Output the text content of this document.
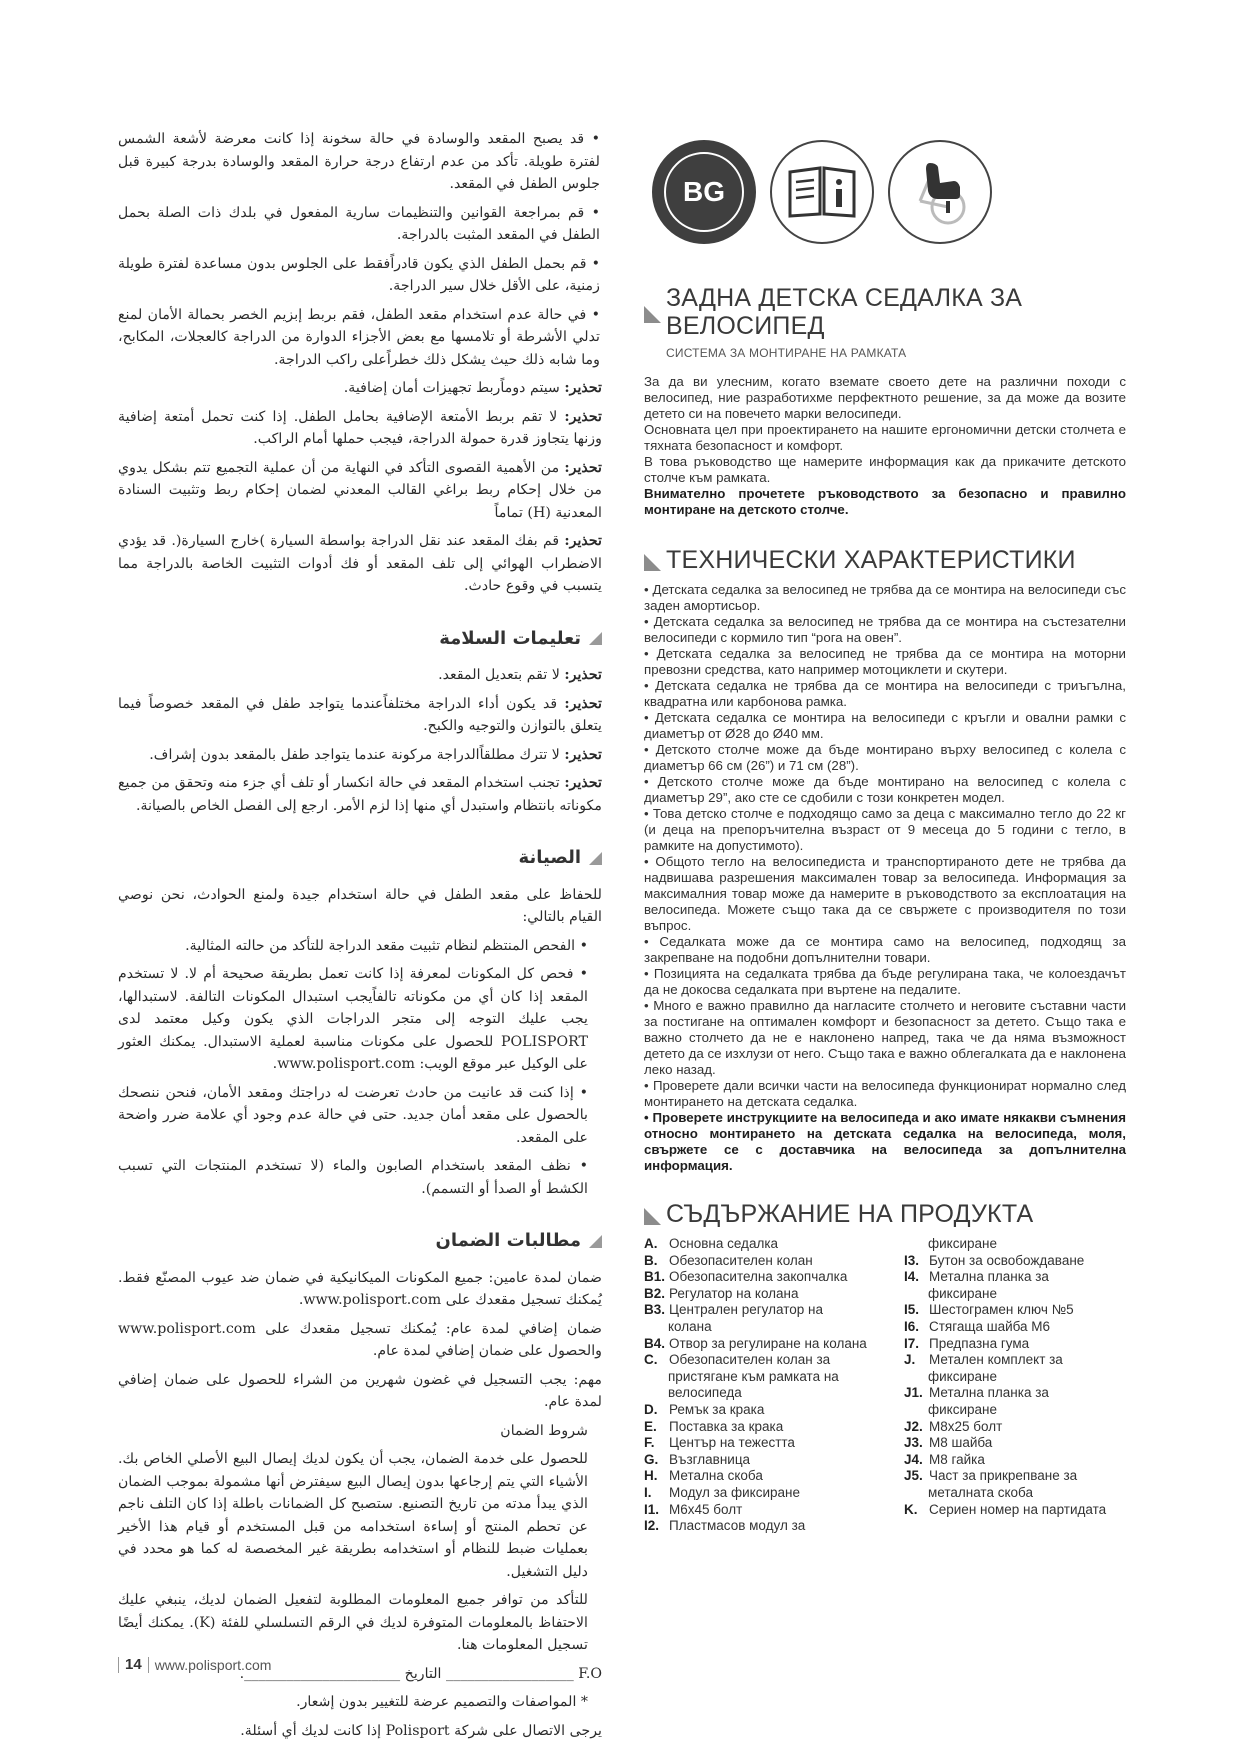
• قد يصبح المقعد والوسادة في حالة سخونة إذا كانت معرضة لأشعة الشمس لفترة طويلة. تأكد من عدم ارتفاع درجة حرارة المقعد والوسادة بدرجة كبيرة قبل جلوس الطفل في المقعد.

• قم بمراجعة القوانين والتنظيمات سارية المفعول في بلدك ذات الصلة بحمل الطفل في المقعد المثبت بالدراجة.

• قم بحمل الطفل الذي يكون قادراًفقط على الجلوس بدون مساعدة لفترة طويلة زمنية، على الأقل خلال سير الدراجة.

• في حالة عدم استخدام مقعد الطفل، فقم بربط إبزيم الخصر بحمالة الأمان لمنع تدلي الأشرطة أو تلامسها مع بعض الأجزاء الدوارة من الدراجة كالعجلات، المكابح، وما شابه ذلك حيث يشكل ذلك خطراًعلى راكب الدراجة.

تحذير: سيتم دوماًربط تجهيزات أمان إضافية.

تحذير: لا تقم بربط الأمتعة الإضافية بحامل الطفل. إذا كنت تحمل أمتعة إضافية وزنها يتجاوز قدرة حمولة الدراجة، فيجب حملها أمام الراكب.

تحذير: من الأهمية القصوى التأكد في النهاية من أن عملية التجميع تتم بشكل يدوي من خلال إحكام ربط براغي القالب المعدني لضمان إحكام ربط وتثبيت السنادة المعدنية (H) تماماً

تحذير: قم بفك المقعد عند نقل الدراجة بواسطة السيارة )خارج السيارة(. قد يؤدي الاضطراب الهوائي إلى تلف المقعد أو فك أدوات التثبيت الخاصة بالدراجة مما يتسبب في وقوع حادث.

تعليمات السلامة

تحذير: لا تقم بتعديل المقعد.

تحذير: قد يكون أداء الدراجة مختلفاًعندما يتواجد طفل في المقعد خصوصاً فيما يتعلق بالتوازن والتوجيه والكبح.

تحذير: لا تترك مطلقاًالدراجة مركونة عندما يتواجد طفل بالمقعد بدون إشراف.

تحذير: تجنب استخدام المقعد في حالة انكسار أو تلف أي جزء منه وتحقق من جميع مكوناته بانتظام واستبدل أي منها إذا لزم الأمر. ارجع إلى الفصل الخاص بالصيانة.

الصيانة

للحفاظ على مقعد الطفل في حالة استخدام جيدة ولمنع الحوادث، نحن نوصي القيام بالتالي:

• الفحص المنتظم لنظام تثبيت مقعد الدراجة للتأكد من حالته المثالية.

• فحص كل المكونات لمعرفة إذا كانت تعمل بطريقة صحيحة أم لا. لا تستخدم المقعد إذا كان أي من مكوناته تالفاًيجب استبدال المكونات التالفة. لاستبدالها، يجب عليك التوجه إلى متجر الدراجات الذي يكون وكيل معتمد لدى POLISPORT للحصول على مكونات مناسبة لعملية الاستبدال. يمكنك العثور على الوكيل عبر موقع الويب: www.polisport.com.

• إذا كنت قد عانيت من حادث تعرضت له دراجتك ومقعد الأمان، فنحن ننصحك بالحصول على مقعد أمان جديد. حتى في حالة عدم وجود أي علامة ضرر واضحة على المقعد.

• نظف المقعد باستخدام الصابون والماء (لا تستخدم المنتجات التي تسبب الكشط أو الصدأ أو التسمم).

مطالبات الضمان

ضمان لمدة عامين: جميع المكونات الميكانيكية في ضمان ضد عيوب المصنّع فقط. يُمكنك تسجيل مقعدك على www.polisport.com.

ضمان إضافي لمدة عام: يُمكنك تسجيل مقعدك على www.polisport.com والحصول على ضمان إضافي لمدة عام.

مهم: يجب التسجيل في غضون شهرين من الشراء للحصول على ضمان إضافي لمدة عام.

شروط الضمان

للحصول على خدمة الضمان، يجب أن يكون لديك إيصال البيع الأصلي الخاص بك. الأشياء التي يتم إرجاعها بدون إيصال البيع سيفترض أنها مشمولة بموجب الضمان الذي يبدأ مدته من تاريخ التصنيع. ستصبح كل الضمانات باطلة إذا كان التلف ناجم عن تحطم المنتج أو إساءة استخدامه من قبل المستخدم أو قيام هذا الأخير بعمليات ضبط للنظام أو استخدامه بطريقة غير المخصصة له كما هو محدد في دليل التشغيل.

للتأكد من توافر جميع المعلومات المطلوبة لتفعيل الضمان لديك، ينبغي عليك الاحتفاظ بالمعلومات المتوفرة لديك في الرقم التسلسلي للفئة (K). يمكنك أيضًا تسجيل المعلومات هنا.

F.O __________________ التاريخ ______________________.

* المواصفات والتصميم عرضة للتغيير بدون إشعار.

يرجى الاتصال على شركة Polisport إذا كانت لديك أي أسئلة.

BG
ЗАДНА ДЕТСКА СЕДАЛКА ЗА ВЕЛОСИПЕД
СИСТЕМА ЗА МОНТИРАНЕ НА РАМКАТА

За да ви улесним, когато вземате своето дете на различни походи с велосипед, ние разработихме перфектното решение, за да може да возите детето си на повечето марки велосипеди.

Основната цел при проектирането на нашите ергономични детски столчета е тяхната безопасност и комфорт.

В това ръководство ще намерите информация как да прикачите детското столче към рамката.

Внимателно прочетете ръководството за безопасно и правилно монтиране на детското столче.

ТЕХНИЧЕСКИ ХАРАКТЕРИСТИКИ

• Детската седалка за велосипед не трябва да се монтира на велосипеди със заден амортисьор.

• Детската седалка за велосипед не трябва да се монтира на състезателни велосипеди с кормило тип “рога на овен”.

• Детската седалка за велосипед не трябва да се монтира на моторни превозни средства, като например мотоциклети и скутери.

• Детската седалка не трябва да се монтира на велосипеди с триъгълна, квадратна или карбонова рамка.

• Детската седалка се монтира на велосипеди с кръгли и овални рамки с диаметър от Ø28 до Ø40 мм.

• Детското столче може да бъде монтирано върху велосипед с колела с диаметър 66 см (26”) и 71 см (28”).

• Детското столче може да бъде монтирано на велосипед с колела с диаметър 29”, ако сте се сдобили с този конкретен модел.

• Това детско столче е подходящо само за деца с максимално тегло до 22 кг (и деца на препоръчителна възраст от 9 месеца до 5 години с тегло, в рамките на допустимото).

• Общото тегло на велосипедиста и транспортираното дете не трябва да надвишава разрешения максимален товар за велосипеда. Информация за максималния товар може да намерите в ръководството за експлоатация на велосипеда. Можете също така да се свържете с производителя по този въпрос.

• Седалката може да се монтира само на велосипед, подходящ за закрепване на подобни допълнителни товари.

• Позицията на седалката трябва да бъде регулирана така, че колоездачът да не докосва седалката при въртене на педалите.

• Много е важно правилно да нагласите столчето и неговите съставни части за постигане на оптимален комфорт и безопасност за детето. Също така е важно столчето да не е наклонено напред, така че да няма възможност детето да се изхлузи от него. Също така е важно облегалката да е наклонена леко назад.

• Проверете дали всички части на велосипеда функционират нормално след монтирането на детската седалка.

• Проверете инструкциите на велосипеда и ако имате някакви съмнения относно монтирането на детската седалка на велосипеда, моля, свържете се с доставчика на велосипеда за допълнителна информация.

СЪДЪРЖАНИЕ НА ПРОДУКТА
A. Основна седалка
B. Обезопасителен колан
B1. Обезопасителна закопчалка
B2. Регулатор на колана
B3. Централен регулатор на
колана
B4. Отвор за регулиране на колана
C. Обезопасителен колан за
пристягане към рамката на
велосипеда
D. Ремък за крака
E. Поставка за крака
F.	Център на тежестта
G. Възглавница
H. Метална скоба
I.	Модул за фиксиране
I1. M6x45 болт
I2. Пластмасов модул за
фиксиране
I3. Бутон за освобождаване
I4. Метална планка за
фиксиране
I5. Шестограмен ключ №5
I6. Стягаща шайба M6
I7. Предпазна гума
J.	Метален комплект за
фиксиране
J1. Метална планка за
фиксиране
J2. M8x25 болт
J3. M8 шайба
J4. M8 гайка
J5. Част за прикрепване за
металната скоба
K. Сериен номер на партидата
14 www.polisport.com
